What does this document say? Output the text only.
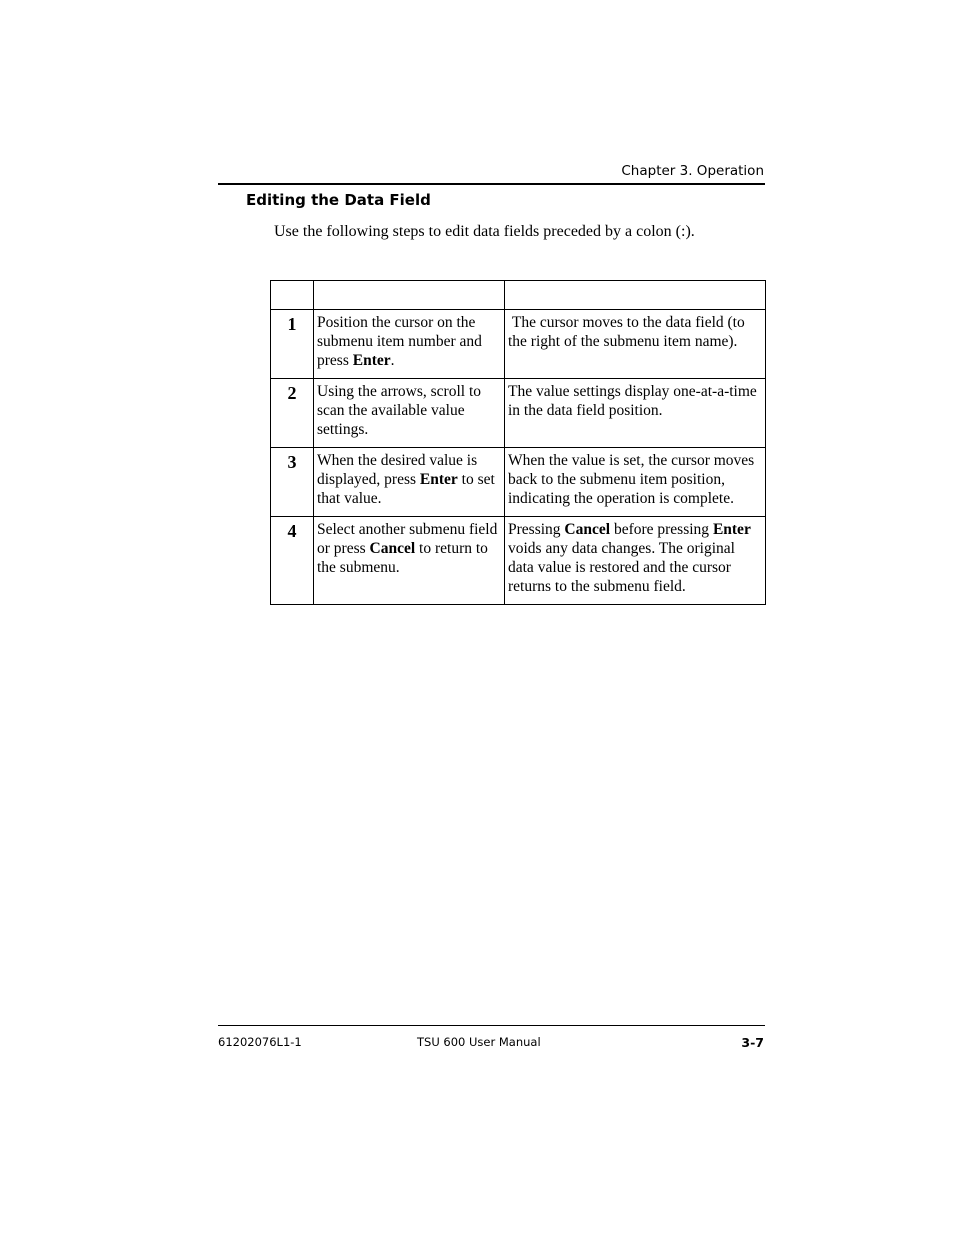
Chapter 3. Operation
Editing the Data Field

Use the following steps to edit data fields preceded by a colon (:).

1	Position the cursor on the submenu item number and press Enter.	The cursor moves to the data field (to the right of the submenu item name).
2	Using the arrows, scroll to scan the available value settings.	The value settings display one-at-a-time in the data field position.
3	When the desired value is displayed, press Enter to set that value.	When the value is set, the cursor moves back to the submenu item position, indicating the operation is complete.
4	Select another submenu field or press Cancel to return to the submenu.	Pressing Cancel before pressing Enter voids any data changes. The original data value is restored and the cursor returns to the submenu field.
61202076L1-1	TSU 600 User Manual	3-7
